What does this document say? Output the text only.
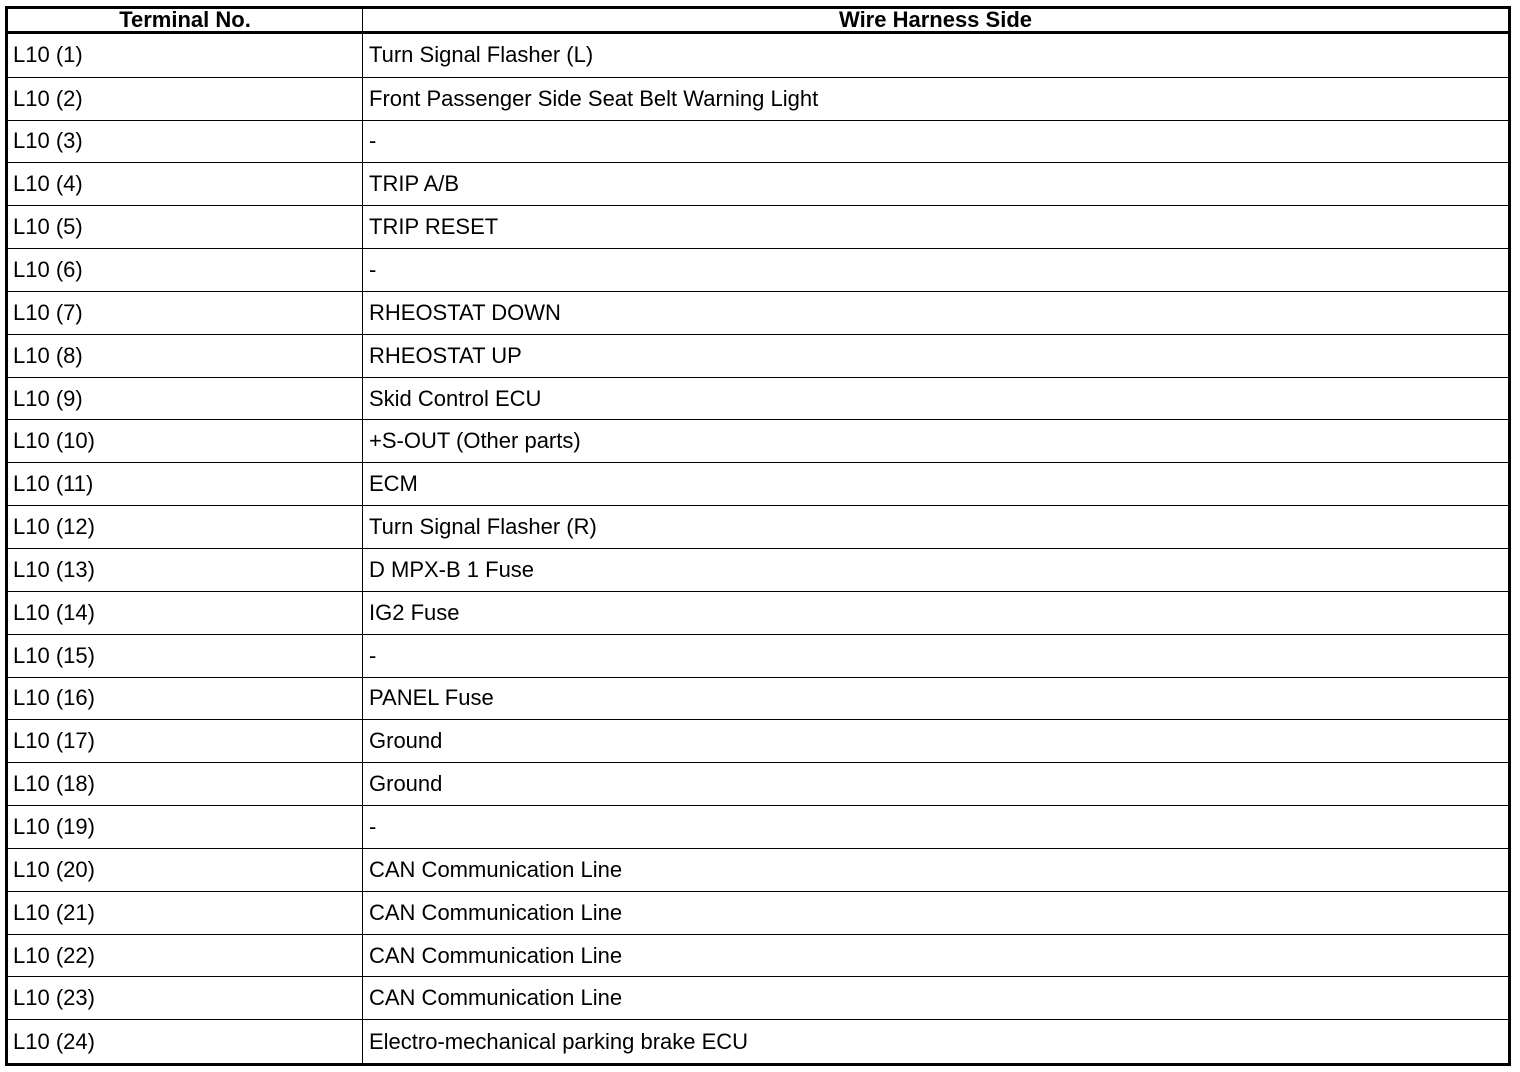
Terminal No.	Wire Harness Side
L10 (1)	Turn Signal Flasher (L)
L10 (2)	Front Passenger Side Seat Belt Warning Light
L10 (3)	-
L10 (4)	TRIP A/B
L10 (5)	TRIP RESET
L10 (6)	-
L10 (7)	RHEOSTAT DOWN
L10 (8)	RHEOSTAT UP
L10 (9)	Skid Control ECU
L10 (10)	+S-OUT (Other parts)
L10 (11)	ECM
L10 (12)	Turn Signal Flasher (R)
L10 (13)	D MPX-B 1 Fuse
L10 (14)	IG2 Fuse
L10 (15)	-
L10 (16)	PANEL Fuse
L10 (17)	Ground
L10 (18)	Ground
L10 (19)	-
L10 (20)	CAN Communication Line
L10 (21)	CAN Communication Line
L10 (22)	CAN Communication Line
L10 (23)	CAN Communication Line
L10 (24)	Electro-mechanical parking brake ECU
